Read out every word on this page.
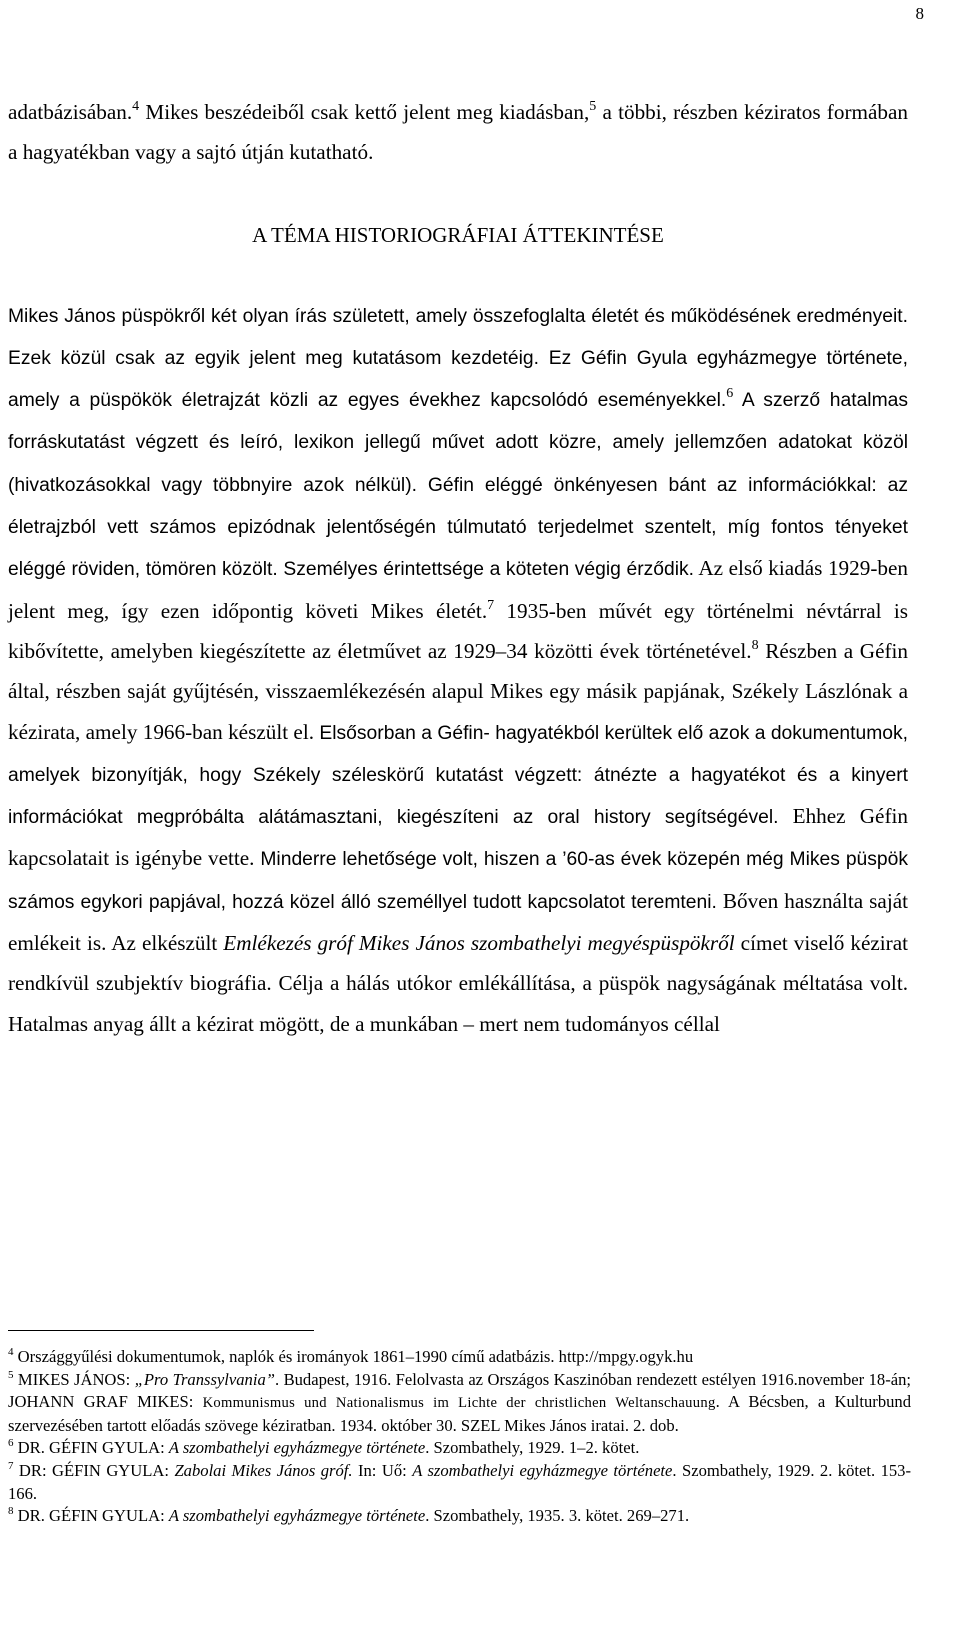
8

adatbázisában.$^4$ Mikes beszédeiből csak kettő jelent meg kiadásban,$^5$ a többi, részben kéziratos formában a hagyatékban vagy a sajtó útján kutatható.

A TÉMA HISTORIOGRÁFIAI ÁTTEKINTÉSE

Mikes János püspökről két olyan írás született, amely összefoglalta életét és működésének eredményeit. Ezek közül csak az egyik jelent meg kutatásom kezdetéig. Ez Géfin Gyula egyházmegye története, amely a püspökök életrajzát közli az egyes évekhez kapcsolódó eseményekkel.$^6$ A szerző hatalmas forráskutatást végzett és leíró, lexikon jellegű művet adott közre, amely jellemzően adatokat közöl (hivatkozásokkal vagy többnyire azok nélkül). Géfin eléggé önkényesen bánt az információkkal: az életrajzból vett számos epizódnak jelentőségén túlmutató terjedelmet szentelt, míg fontos tényeket eléggé röviden, tömören közölt. Személyes érintettsége a köteten végig érződik. Az első kiadás 1929-ben jelent meg, így ezen időpontig követi Mikes életét.$^7$ 1935-ben művét egy történelmi névtárral is kibővítette, amelyben kiegészítette az életművet az 1929–34 közötti évek történetével.$^8$ Részben a Géfin által, részben saját gyűjtésén, visszaemlékezésén alapul Mikes egy másik papjának, Székely Lászlónak a kézirata, amely 1966-ban készült el. Elsősorban a Géfin- hagyatékból kerültek elő azok a dokumentumok, amelyek bizonyítják, hogy Székely széleskörű kutatást végzett: átnézte a hagyatékot és a kinyert információkat megpróbálta alátámasztani, kiegészíteni az oral history segítségével. Ehhez Géfin kapcsolatait is igénybe vette. Minderre lehetősége volt, hiszen a ’60-as évek közepén még Mikes püspök számos egykori papjával, hozzá közel álló személlyel tudott kapcsolatot teremteni. Bőven használta saját emlékeit is. Az elkészült Emlékezés gróf Mikes János szombathelyi megyéspüspökről címet viselő kézirat rendkívül szubjektív biográfia. Célja a hálás utókor emlékállítása, a püspök nagyságának méltatása volt. Hatalmas anyag állt a kézirat mögött, de a munkában – mert nem tudományos céllal

$^4$ Országgyűlési dokumentumok, naplók és irományok 1861–1990 című adatbázis. http://mpgy.ogyk.hu

$^5$ MIKES JÁNOS: „Pro Transsylvania”. Budapest, 1916. Felolvasta az Országos Kaszinóban rendezett estélyen 1916.november 18-án; JOHANN GRAF MIKES: Kommunismus und Nationalismus im Lichte der christlichen Weltanschauung. A Bécsben, a Kulturbund szervezésében tartott előadás szövege kéziratban. 1934. október 30. SZEL Mikes János iratai. 2. dob.

$^6$ DR. GÉFIN GYULA: A szombathelyi egyházmegye története. Szombathely, 1929. 1–2. kötet.

$^7$ DR: GÉFIN GYULA: Zabolai Mikes János gróf. In: Uő: A szombathelyi egyházmegye története. Szombathely, 1929. 2. kötet. 153-166.

$^8$ DR. GÉFIN GYULA: A szombathelyi egyházmegye története. Szombathely, 1935. 3. kötet. 269–271.
